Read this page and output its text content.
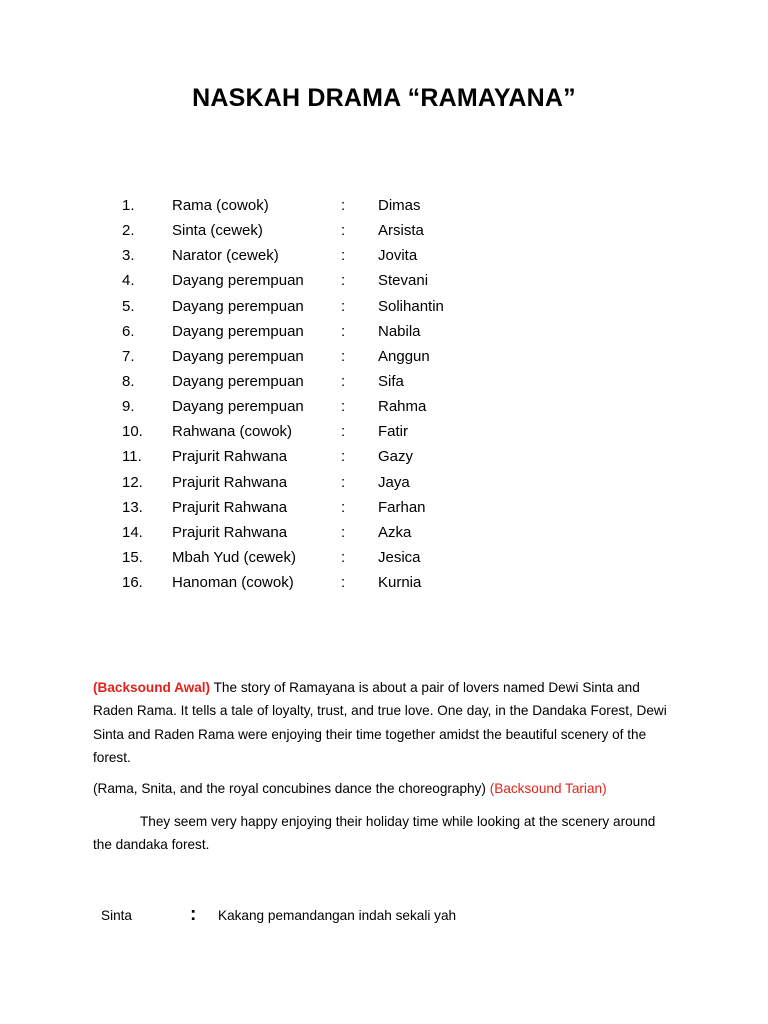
NASKAH DRAMA “RAMAYANA”
1. Rama (cowok)	: Dimas
2. Sinta (cewek)	: Arsista
3. Narator (cewek)	: Jovita
4. Dayang perempuan : Stevani
5. Dayang perempuan : Solihantin
6. Dayang perempuan : Nabila
7. Dayang perempuan : Anggun
8. Dayang perempuan : Sifa
9. Dayang perempuan : Rahma
10. Rahwana (cowok)	: Fatir
11. Prajurit Rahwana	: Gazy
12. Prajurit Rahwana	: Jaya
13. Prajurit Rahwana	: Farhan
14. Prajurit Rahwana	: Azka
15. Mbah Yud (cewek)	: Jesica
16. Hanoman (cowok)	: Kurnia

(Backsound Awal) The story of Ramayana is about a pair of lovers named Dewi Sinta and Raden Rama. It tells a tale of loyalty, trust, and true love. One day, in the Dandaka Forest, Dewi Sinta and Raden Rama were enjoying their time together amidst the beautiful scenery of the forest.

(Rama, Snita, and the royal concubines dance the choreography) (Backsound Tarian)

They seem very happy enjoying their holiday time while looking at the scenery around the dandaka forest.

Sinta	: Kakang pemandangan indah sekali yah
